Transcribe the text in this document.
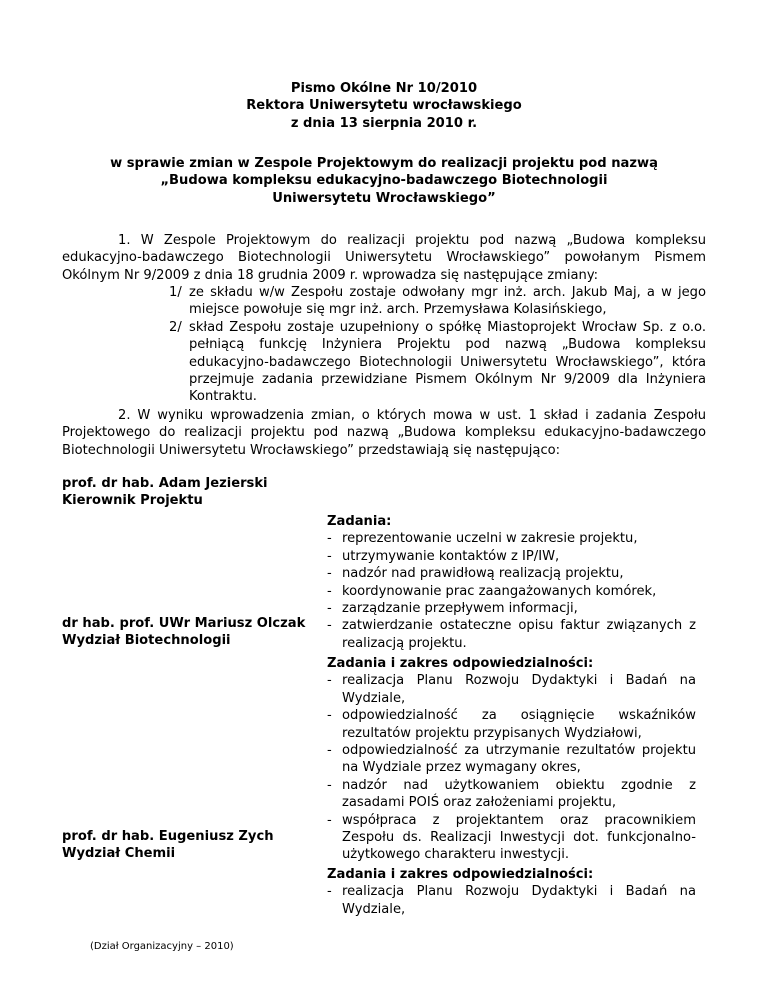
Pismo Okólne Nr 10/2010
Rektora Uniwersytetu wrocławskiego
z dnia 13 sierpnia 2010 r.
w sprawie zmian w Zespole Projektowym do realizacji projektu pod nazwą
„Budowa kompleksu edukacyjno-badawczego Biotechnologii
Uniwersytetu Wrocławskiego”
1. W Zespole Projektowym do realizacji projektu pod nazwą „Budowa kompleksu edukacyjno-badawczego Biotechnologii Uniwersytetu Wrocławskiego” powołanym Pismem Okólnym Nr 9/2009 z dnia 18 grudnia 2009 r. wprowadza się następujące zmiany:
1/ ze składu w/w Zespołu zostaje odwołany mgr inż. arch. Jakub Maj, a w jego miejsce powołuje się mgr inż. arch. Przemysława Kolasińskiego,
2/ skład Zespołu zostaje uzupełniony o spółkę Miastoprojekt Wrocław Sp. z o.o. pełniącą funkcję Inżyniera Projektu pod nazwą „Budowa kompleksu edukacyjno-badawczego Biotechnologii Uniwersytetu Wrocławskiego”, która przejmuje zadania przewidziane Pismem Okólnym Nr 9/2009 dla Inżyniera Kontraktu.
2. W wyniku wprowadzenia zmian, o których mowa w ust. 1 skład i zadania Zespołu Projektowego do realizacji projektu pod nazwą „Budowa kompleksu edukacyjno-badawczego Biotechnologii Uniwersytetu Wrocławskiego” przedstawiają się następująco:
prof. dr hab. Adam Jezierski
Kierownik Projektu
Zadania:
- reprezentowanie uczelni w zakresie projektu,
- utrzymywanie kontaktów z IP/IW,
- nadzór nad prawidłową realizacją projektu,
- koordynowanie prac zaangażowanych komórek,
- zarządzanie przepływem informacji,
- zatwierdzanie ostateczne opisu faktur związanych z realizacją projektu.
dr hab. prof. UWr Mariusz Olczak
Wydział Biotechnologii
Zadania i zakres odpowiedzialności:
- realizacja Planu Rozwoju Dydaktyki i Badań na Wydziale,
- odpowiedzialność za osiągnięcie wskaźników rezultatów projektu przypisanych Wydziałowi,
- odpowiedzialność za utrzymanie rezultatów projektu na Wydziale przez wymagany okres,
- nadzór nad użytkowaniem obiektu zgodnie z zasadami POIŚ oraz założeniami projektu,
- współpraca z projektantem oraz pracownikiem Zespołu ds. Realizacji Inwestycji dot. funkcjonalno-użytkowego charakteru inwestycji.
prof. dr hab. Eugeniusz Zych
Wydział Chemii
Zadania i zakres odpowiedzialności:
- realizacja Planu Rozwoju Dydaktyki i Badań na Wydziale,
(Dział Organizacyjny – 2010)
